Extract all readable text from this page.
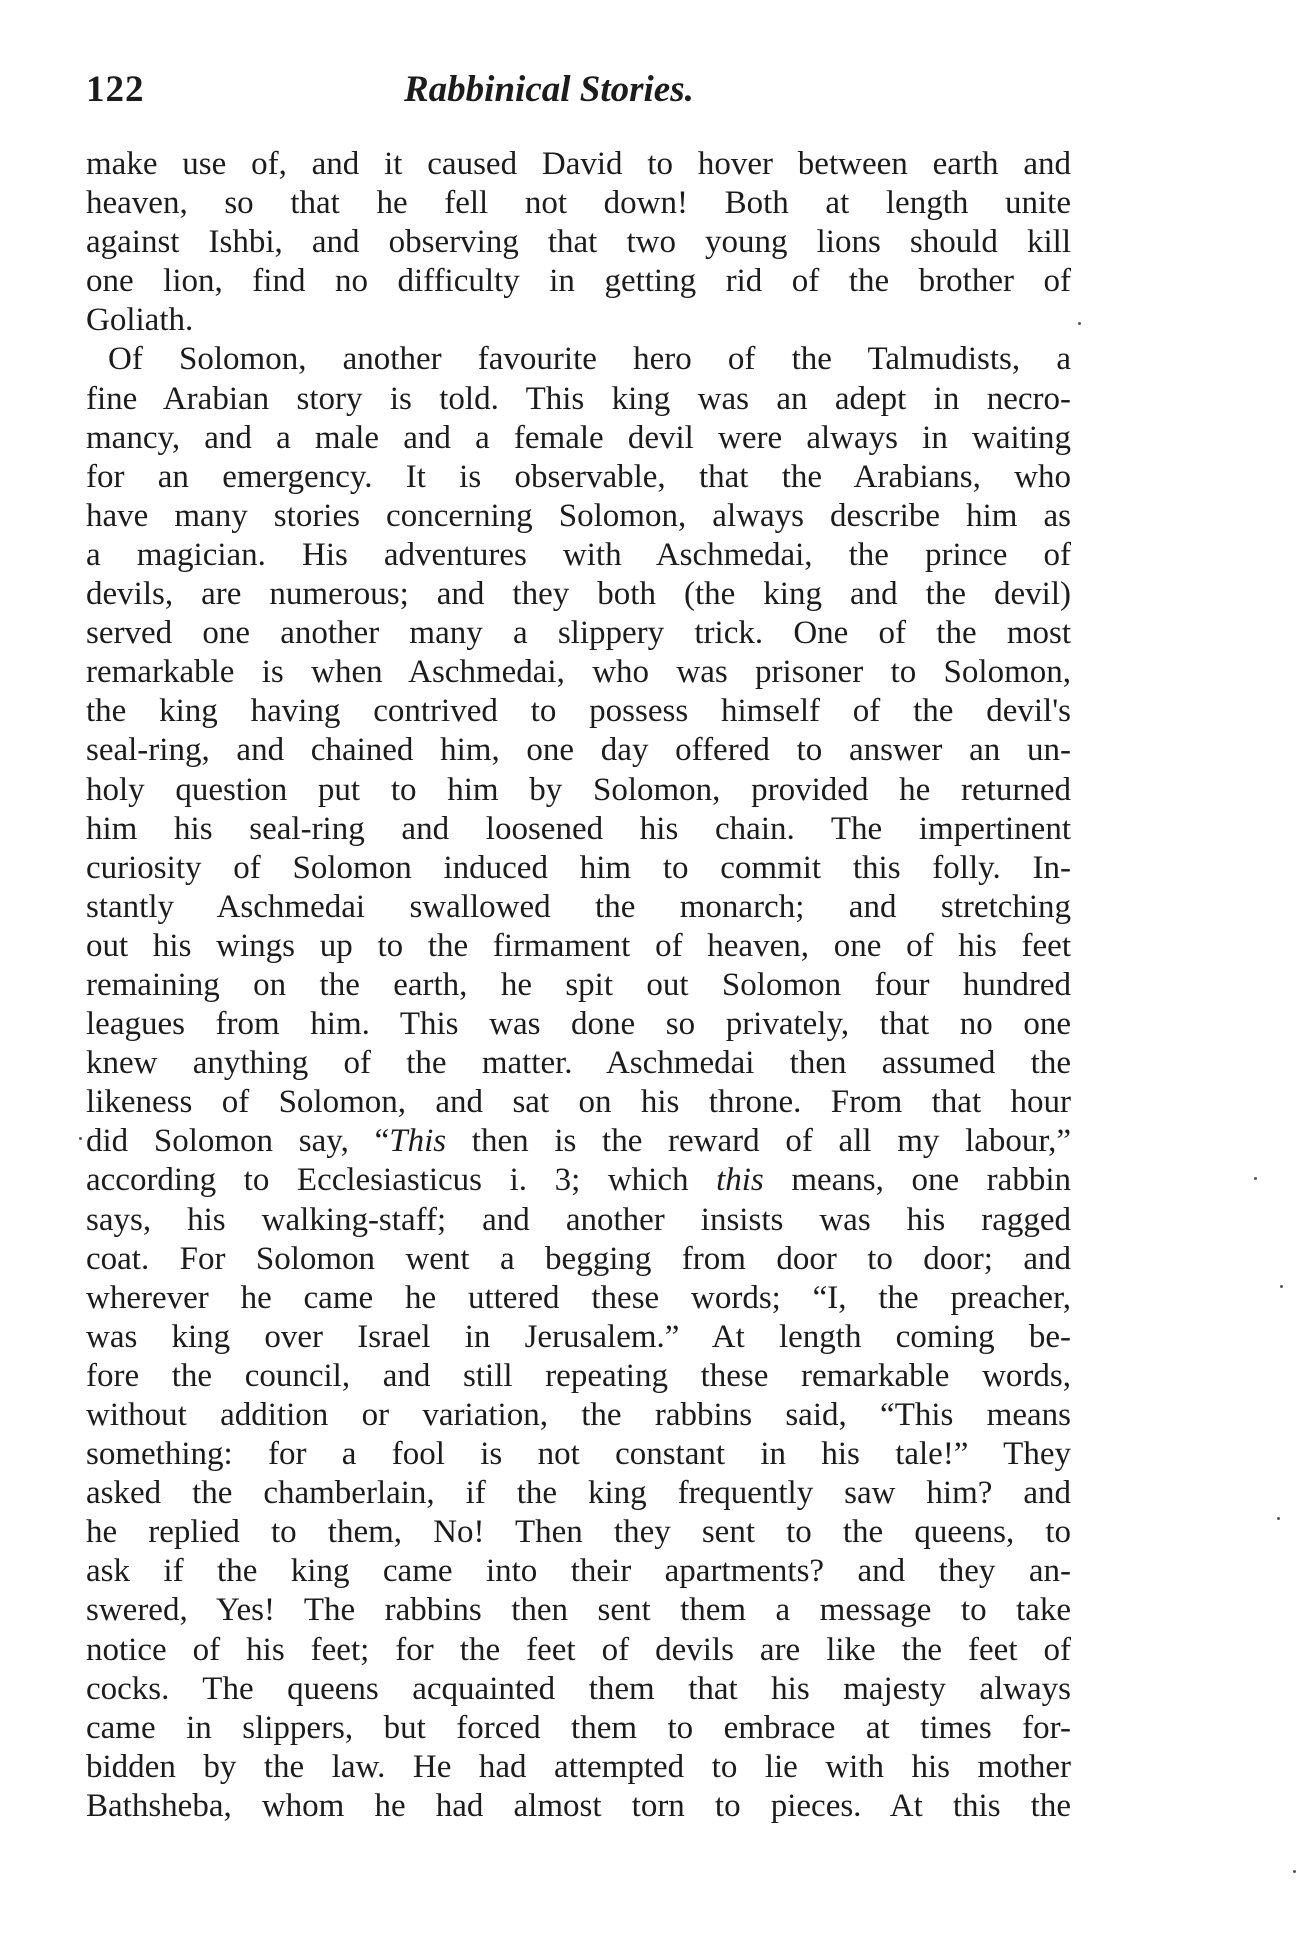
122	Rabbinical Stories.
make use of, and it caused David to hover between earth and
heaven, so that he fell not down! Both at length unite
against Ishbi, and observing that two young lions should kill
one lion, find no difficulty in getting rid of the brother of
Goliath.
Of Solomon, another favourite hero of the Talmudists, a
fine Arabian story is told. This king was an adept in necro-
mancy, and a male and a female devil were always in waiting
for an emergency. It is observable, that the Arabians, who
have many stories concerning Solomon, always describe him as
a magician. His adventures with Aschmedai, the prince of
devils, are numerous; and they both (the king and the devil)
served one another many a slippery trick. One of the most
remarkable is when Aschmedai, who was prisoner to Solomon,
the king having contrived to possess himself of the devil's
seal-ring, and chained him, one day offered to answer an un-
holy question put to him by Solomon, provided he returned
him his seal-ring and loosened his chain. The impertinent
curiosity of Solomon induced him to commit this folly. In-
stantly Aschmedai swallowed the monarch; and stretching
out his wings up to the firmament of heaven, one of his feet
remaining on the earth, he spit out Solomon four hundred
leagues from him. This was done so privately, that no one
knew anything of the matter. Aschmedai then assumed the
likeness of Solomon, and sat on his throne. From that hour
did Solomon say, “This then is the reward of all my labour,”
according to Ecclesiasticus i. 3; which this means, one rabbin
says, his walking-staff; and another insists was his ragged
coat. For Solomon went a begging from door to door; and
wherever he came he uttered these words; “I, the preacher,
was king over Israel in Jerusalem.” At length coming be-
fore the council, and still repeating these remarkable words,
without addition or variation, the rabbins said, “This means
something: for a fool is not constant in his tale!” They
asked the chamberlain, if the king frequently saw him? and
he replied to them, No! Then they sent to the queens, to
ask if the king came into their apartments? and they an-
swered, Yes! The rabbins then sent them a message to take
notice of his feet; for the feet of devils are like the feet of
cocks. The queens acquainted them that his majesty always
came in slippers, but forced them to embrace at times for-
bidden by the law. He had attempted to lie with his mother
Bathsheba, whom he had almost torn to pieces. At this the
